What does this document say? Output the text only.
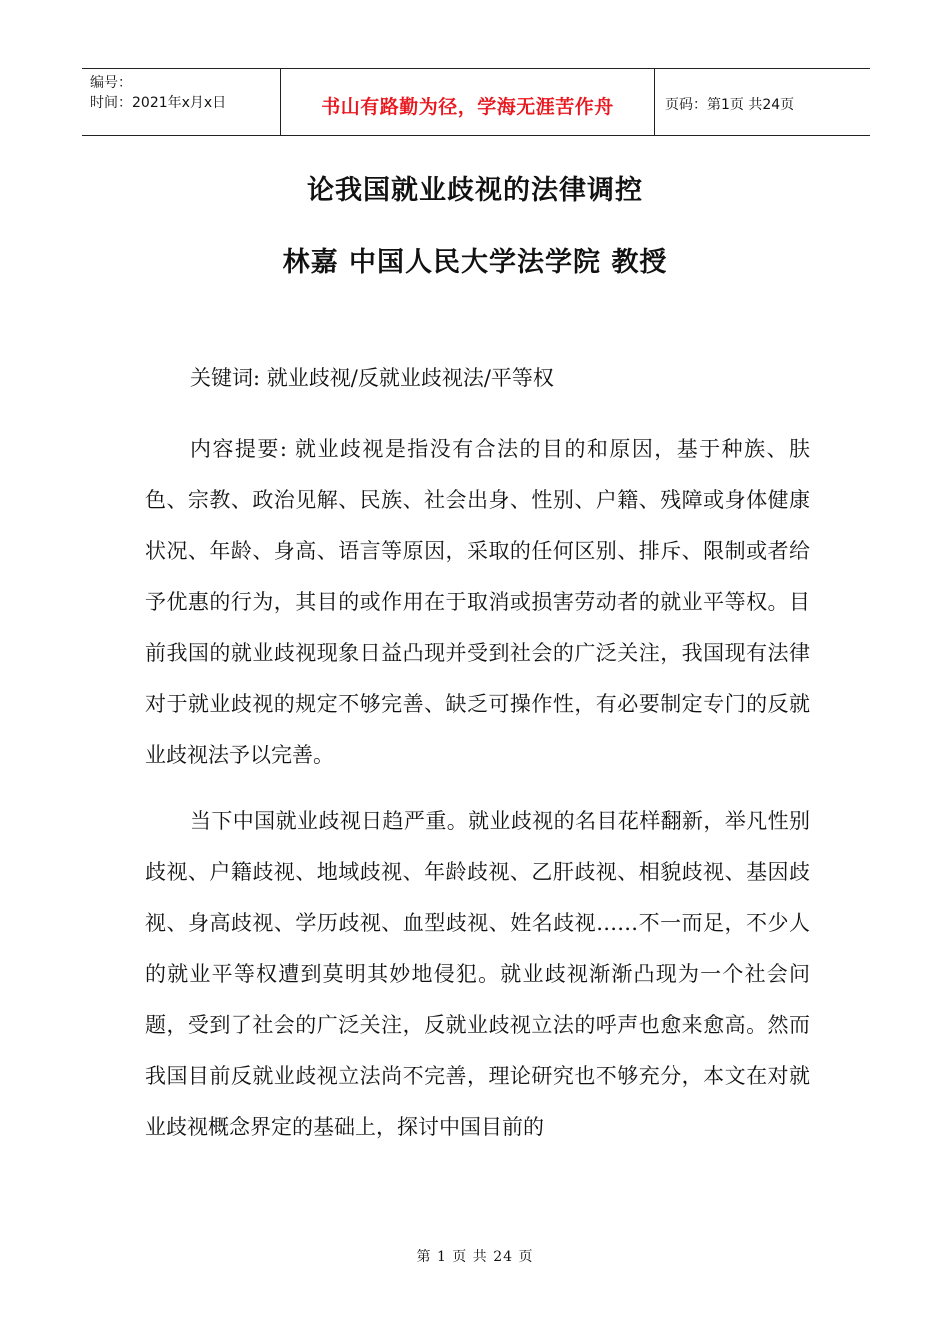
编号：
时间：2021年x月x日	书山有路勤为径，学海无涯苦作舟	页码：第1页 共24页
论我国就业歧视的法律调控
林嘉 中国人民大学法学院 教授

关键词: 就业歧视/反就业歧视法/平等权

内容提要: 就业歧视是指没有合法的目的和原因，基于种族、肤色、宗教、政治见解、民族、社会出身、性别、户籍、残障或身体健康状况、年龄、身高、语言等原因，采取的任何区别、排斥、限制或者给予优惠的行为，其目的或作用在于取消或损害劳动者的就业平等权。目前我国的就业歧视现象日益凸现并受到社会的广泛关注，我国现有法律对于就业歧视的规定不够完善、缺乏可操作性，有必要制定专门的反就业歧视法予以完善。

当下中国就业歧视日趋严重。就业歧视的名目花样翻新，举凡性别歧视、户籍歧视、地域歧视、年龄歧视、乙肝歧视、相貌歧视、基因歧视、身高歧视、学历歧视、血型歧视、姓名歧视……不一而足，不少人的就业平等权遭到莫明其妙地侵犯。就业歧视渐渐凸现为一个社会问题，受到了社会的广泛关注，反就业歧视立法的呼声也愈来愈高。然而我国目前反就业歧视立法尚不完善，理论研究也不够充分，本文在对就业歧视概念界定的基础上，探讨中国目前的

第 1 页 共 24 页
